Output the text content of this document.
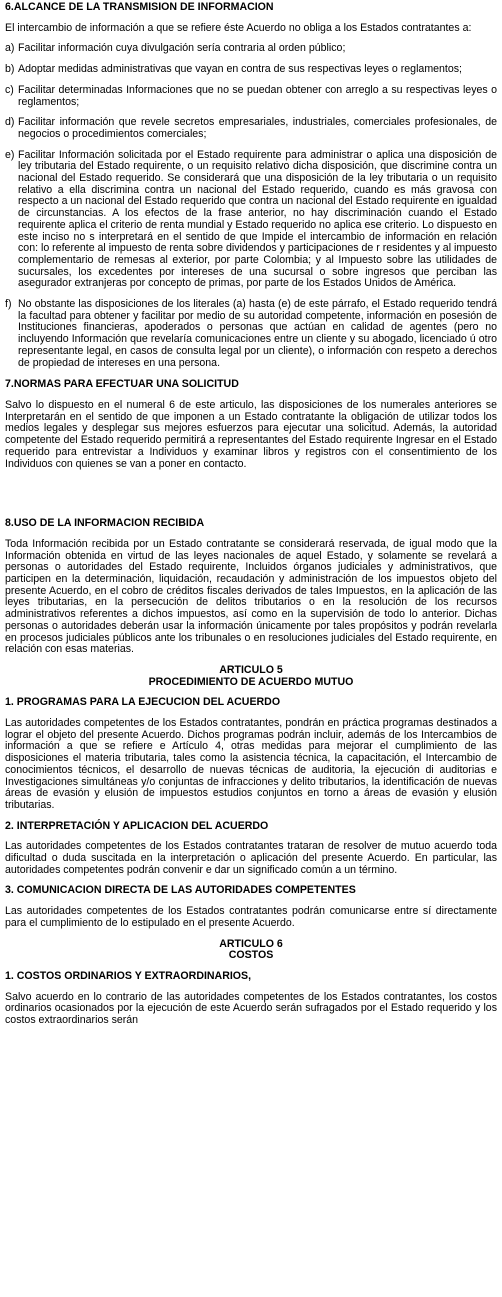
6.ALCANCE DE LA TRANSMISION DE INFORMACION

El intercambio de información a que se refiere éste Acuerdo no obliga a los Estados contratantes a:

a) Facilitar información cuya divulgación sería contraria al orden público;
b) Adoptar medidas administrativas que vayan en contra de sus respectivas leyes o reglamentos;
c) Facilitar determinadas Informaciones que no se puedan obtener con arreglo a su respectivas leyes o reglamentos;
d) Facilitar información que revele secretos empresariales, industriales, comerciales profesionales, de negocios o procedimientos comerciales;
e) Facilitar Información solicitada por el Estado requirente para administrar o aplica una disposición de ley tributaria del Estado requirente, o un requisito relativo dicha disposición, que discrimine contra un nacional del Estado requerido. Se considerará que una disposición de la ley tributaria o un requisito relativo a ella discrimina contra un nacional del Estado requerido, cuando es más gravosa con respecto a un nacional del Estado requerido que contra un nacional del Estado requirente en igualdad de circunstancias. A los efectos de la frase anterior, no hay discriminación cuando el Estado requirente aplica el criterio de renta mundial y Estado requerido no aplica ese criterio. Lo dispuesto en este inciso no s interpretará en el sentido de que Impide el intercambio de información en relación con: lo referente al impuesto de renta sobre dividendos y participaciones de r residentes y al impuesto complementario de remesas al exterior, por parte Colombia; y al Impuesto sobre las utilidades de sucursales, los excedentes por intereses de una sucursal o sobre ingresos que perciban las asegurador extranjeras por concepto de primas, por parte de los Estados Unidos de América.
f) No obstante las disposiciones de los literales (a) hasta (e) de este párrafo, el Estado requerido tendrá la facultad para obtener y facilitar por medio de su autoridad competente, información en posesión de Instituciones financieras, apoderados o personas que actúan en calidad de agentes (pero no incluyendo Información que revelaría comunicaciones entre un cliente y su abogado, licenciado ú otro representante legal, en casos de consulta legal por un cliente), o información con respeto a derechos de propiedad de intereses en una persona.
7.NORMAS PARA EFECTUAR UNA SOLICITUD

Salvo lo dispuesto en el numeral 6 de este articulo, las disposiciones de los numerales anteriores se Interpretarán en el sentido de que imponen a un Estado contratante la obligación de utilizar todos los medios legales y desplegar sus mejores esfuerzos para ejecutar una solicitud. Además, la autoridad competente del Estado requerido permitirá a representantes del Estado requirente Ingresar en el Estado requerido para entrevistar a Individuos y examinar libros y registros con el consentimiento de los Individuos con quienes se van a poner en contacto.

8.USO DE LA INFORMACION RECIBIDA

Toda Información recibida por un Estado contratante se considerará reservada, de igual modo que la Información obtenida en virtud de las leyes nacionales de aquel Estado, y solamente se revelará a personas o autoridades del Estado requirente, Incluidos órganos judiciales y administrativos, que participen en la determinación, liquidación, recaudación y administración de los impuestos objeto del presente Acuerdo, en el cobro de créditos fiscales derivados de tales Impuestos, en la aplicación de las leyes tributarias, en la persecución de delitos tributarios o en la resolución de los recursos administrativos referentes a dichos impuestos, así como en la supervisión de todo lo anterior. Dichas personas o autoridades deberán usar la información únicamente por tales propósitos y podrán revelarla en procesos judiciales públicos ante los tribunales o en resoluciones judiciales del Estado requirente, en relación con esas materias.

ARTICULO 5
PROCEDIMIENTO DE ACUERDO MUTUO
1. PROGRAMAS PARA LA EJECUCION DEL ACUERDO

Las autoridades competentes de los Estados contratantes, pondrán en práctica programas destinados a lograr el objeto del presente Acuerdo. Dichos programas podrán incluir, además de los Intercambios de información a que se refiere e Artículo 4, otras medidas para mejorar el cumplimiento de las disposiciones el materia tributaria, tales como la asistencia técnica, la capacitación, el Intercambio de conocimientos técnicos, el desarrollo de nuevas técnicas de auditoria, la ejecución di auditorias e Investigaciones simultáneas y/o conjuntas de infracciones y delito tributarios, la identificación de nuevas áreas de evasión y elusión de impuestos estudios conjuntos en torno a áreas de evasión y elusión tributarias.

2. INTERPRETACIÓN Y APLICACION DEL ACUERDO

Las autoridades competentes de los Estados contratantes trataran de resolver de mutuo acuerdo toda dificultad o duda suscitada en la interpretación o aplicación del presente Acuerdo. En particular, las autoridades competentes podrán convenir e dar un significado común a un término.

3. COMUNICACION DIRECTA DE LAS AUTORIDADES COMPETENTES

Las autoridades competentes de los Estados contratantes podrán comunicarse entre sí directamente para el cumplimiento de lo estipulado en el presente Acuerdo.

ARTICULO 6
COSTOS
1. COSTOS ORDINARIOS Y EXTRAORDINARIOS,

Salvo acuerdo en lo contrario de las autoridades competentes de los Estados contratantes, los costos ordinarios ocasionados por la ejecución de este Acuerdo serán sufragados por el Estado requerido y los costos extraordinarios serán
